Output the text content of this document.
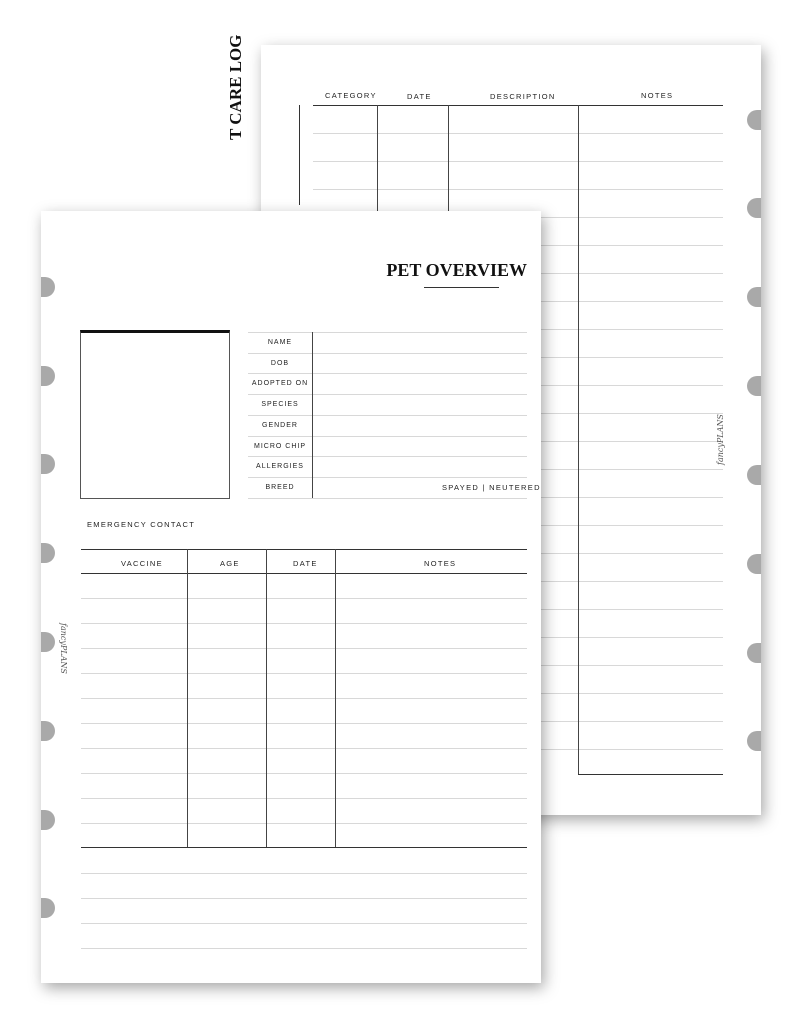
T CARE LOG	CATEGORY	DATE	DESCRIPTION	NOTES
fancyPLANS
PET OVERVIEW
NAME
DOB
ADOPTED ON
SPECIES
GENDER
MICRO CHIP
ALLERGIES
BREED	SPAYED | NEUTERED
EMERGENCY CONTACT
VACCINE	AGE	DATE	NOTES
fancyPLANS
